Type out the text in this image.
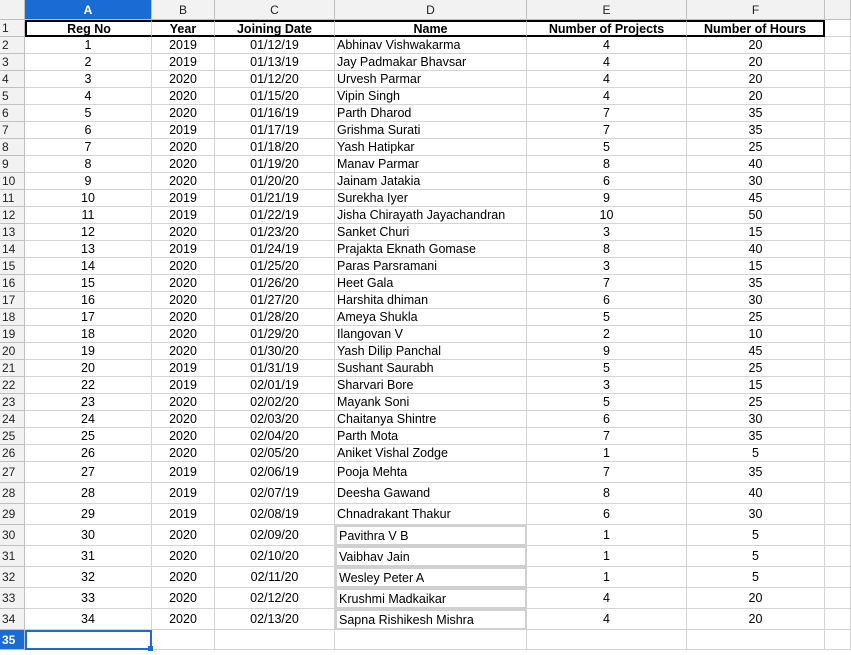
A	B	C	D	E	F
1
2
3
4
5
6
7
8
9
10
11
12
13
14
15
16
17
18
19
20
21
22
23
24
25
26
27
28
29
30
31
32
33
34
35
Reg No	Year	Joining Date	Name	Number of Projects	Number of Hours
1	2019	01/12/19	Abhinav Vishwakarma	4	20
2	2019	01/13/19	Jay Padmakar Bhavsar	4	20
3	2020	01/12/20	Urvesh Parmar	4	20
4	2020	01/15/20	Vipin Singh	4	20
5	2020	01/16/19	Parth Dharod	7	35
6	2019	01/17/19	Grishma Surati	7	35
7	2020	01/18/20	Yash Hatipkar	5	25
8	2020	01/19/20	Manav Parmar	8	40
9	2020	01/20/20	Jainam Jatakia	6	30
10	2019	01/21/19	Surekha Iyer	9	45
11	2019	01/22/19	Jisha Chirayath Jayachandran	10	50
12	2020	01/23/20	Sanket Churi	3	15
13	2019	01/24/19	Prajakta Eknath Gomase	8	40
14	2020	01/25/20	Paras Parsramani	3	15
15	2020	01/26/20	Heet Gala	7	35
16	2020	01/27/20	Harshita dhiman	6	30
17	2020	01/28/20	Ameya Shukla	5	25
18	2020	01/29/20	Ilangovan V	2	10
19	2020	01/30/20	Yash Dilip Panchal	9	45
20	2019	01/31/19	Sushant Saurabh	5	25
22	2019	02/01/19	Sharvari Bore	3	15
23	2020	02/02/20	Mayank Soni	5	25
24	2020	02/03/20	Chaitanya Shintre	6	30
25	2020	02/04/20	Parth Mota	7	35
26	2020	02/05/20	Aniket Vishal Zodge	1	5
27	2019	02/06/19	Pooja Mehta	7	35
28	2019	02/07/19	Deesha Gawand	8	40
29	2019	02/08/19	Chnadrakant Thakur	6	30
30	2020	02/09/20	Pavithra V B	1	5
31	2020	02/10/20	Vaibhav Jain	1	5
32	2020	02/11/20	Wesley Peter A	1	5
33	2020	02/12/20	Krushmi Madkaikar	4	20
34	2020	02/13/20	Sapna Rishikesh Mishra	4	20
